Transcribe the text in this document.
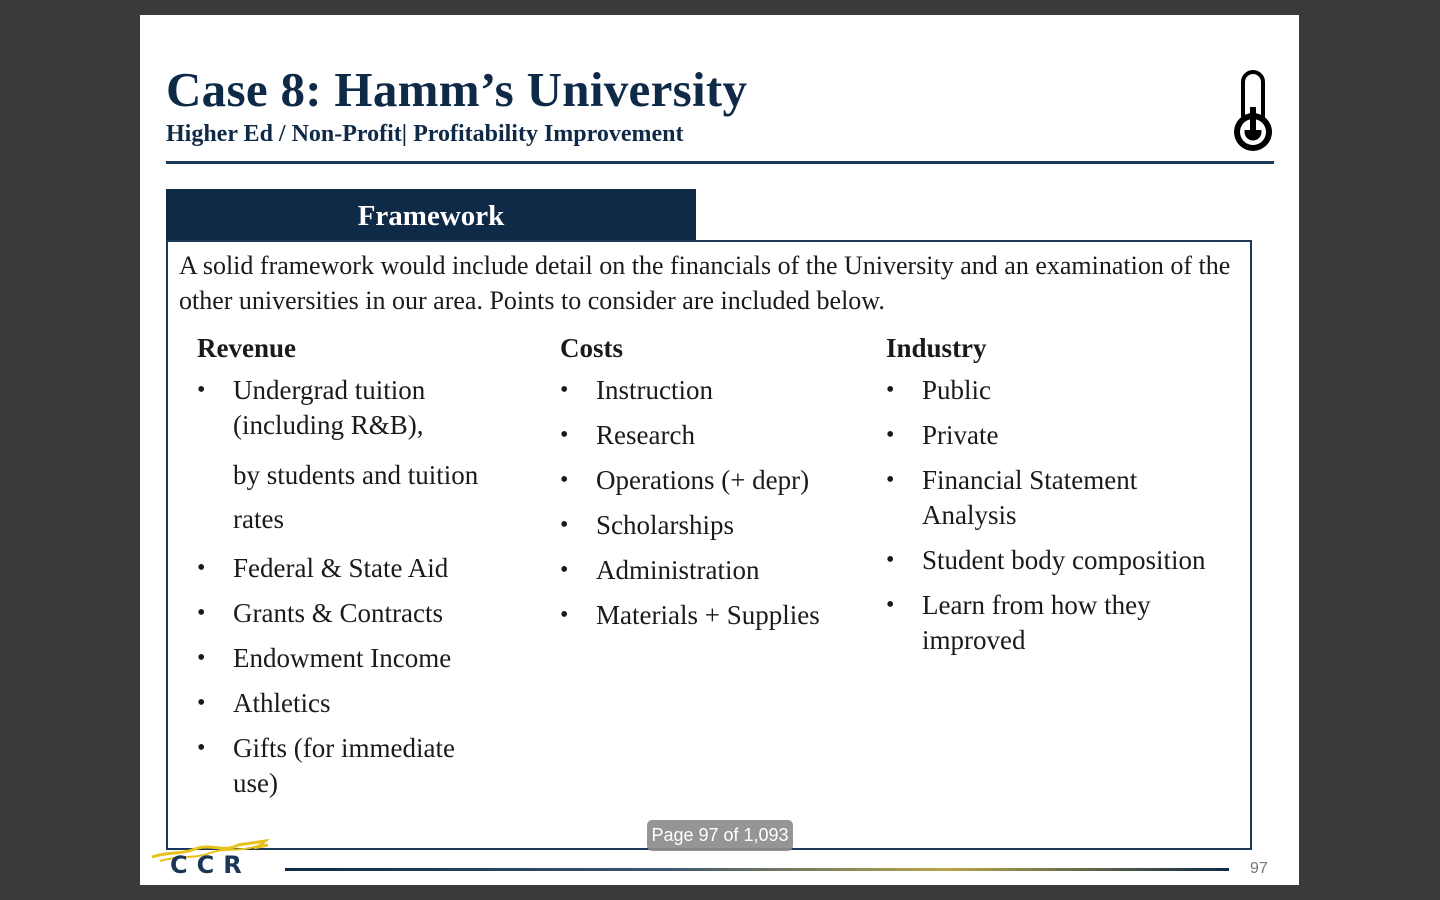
Case 8: Hamm’s University
Higher Ed / Non-Profit| Profitability Improvement
Framework
A solid framework would include detail on the financials of the University and an examination of the other universities in our area. Points to consider are included below.
Revenue
• Undergrad tuition (including R&B),
by students and tuition rates
• Federal & State Aid
• Grants & Contracts
• Endowment Income
• Athletics
• Gifts (for immediate use)
Costs
• Instruction
• Research
• Operations (+ depr)
• Scholarships
• Administration
• Materials + Supplies
Industry
• Public
• Private
• Financial Statement Analysis
• Student body composition
• Learn from how they improved
CCR	97
Page 97 of 1,093
